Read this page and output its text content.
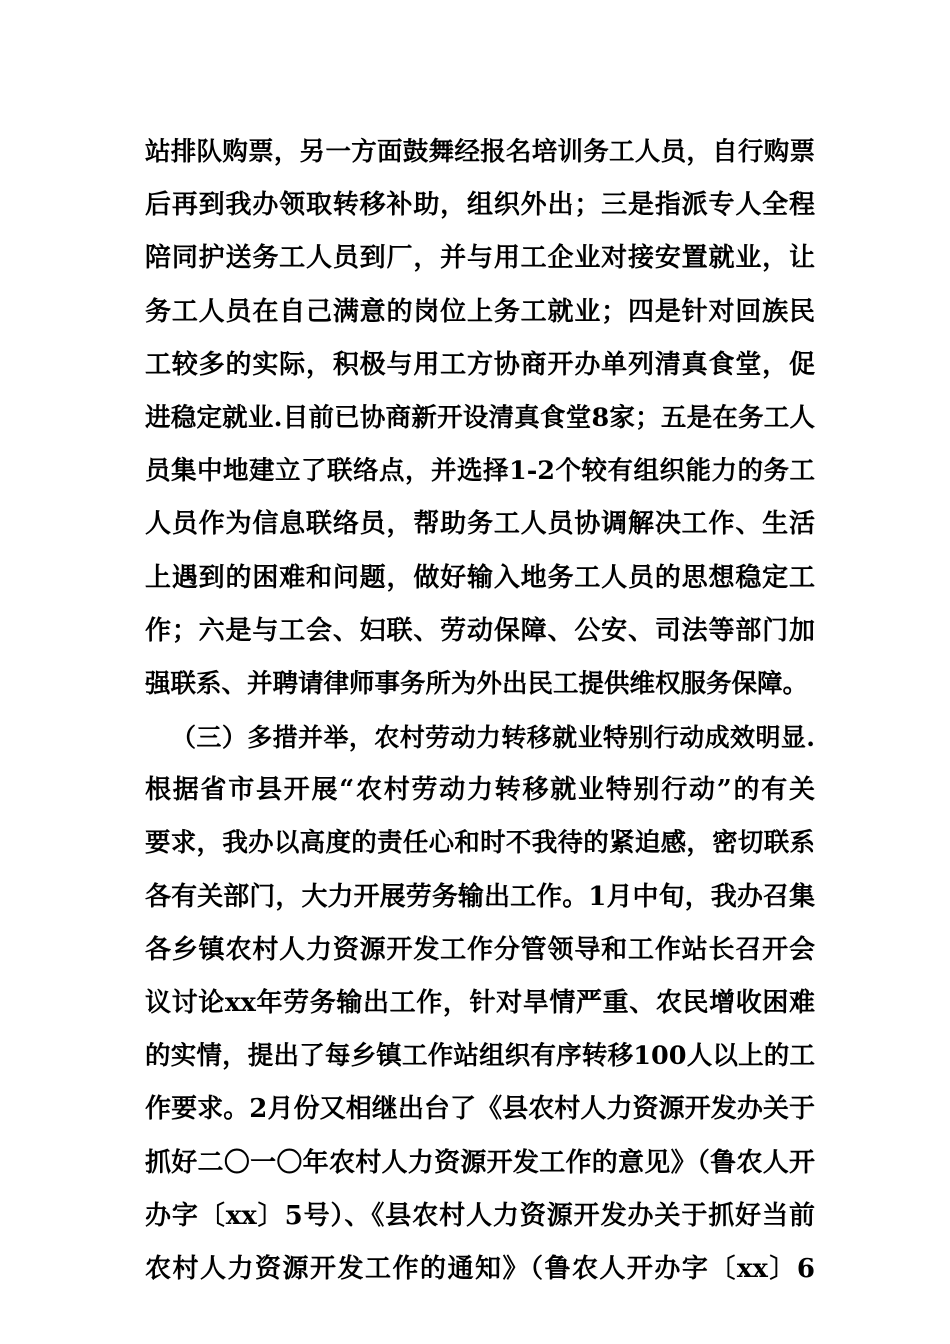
站排队购票，另一方面鼓舞经报名培训务工人员，自行购票
后再到我办领取转移补助，组织外出；三是指派专人全程
陪同护送务工人员到厂，并与用工企业对接安置就业，让
务工人员在自己满意的岗位上务工就业；四是针对回族民
工较多的实际，积极与用工方协商开办单列清真食堂，促
进稳定就业.目前已协商新开设清真食堂8家；五是在务工人
员集中地建立了联络点，并选择1-2个较有组织能力的务工
人员作为信息联络员，帮助务工人员协调解决工作、生活
上遇到的困难和问题，做好输入地务工人员的思想稳定工
作；六是与工会、妇联、劳动保障、公安、司法等部门加
强联系、并聘请律师事务所为外出民工提供维权服务保障。
（三）多措并举，农村劳动力转移就业特别行动成效明显.
根据省市县开展“农村劳动力转移就业特别行动”的有关
要求，我办以高度的责任心和时不我待的紧迫感，密切联系
各有关部门，大力开展劳务输出工作。1月中旬，我办召集
各乡镇农村人力资源开发工作分管领导和工作站长召开会
议讨论xx年劳务输出工作，针对旱情严重、农民增收困难
的实情，提出了每乡镇工作站组织有序转移100人以上的工
作要求。2月份又相继出台了《县农村人力资源开发办关于
抓好二〇一〇年农村人力资源开发工作的意见》（鲁农人开
办字〔xx〕5号）、《县农村人力资源开发办关于抓好当前
农村人力资源开发工作的通知》（鲁农人开办字〔xx〕6
